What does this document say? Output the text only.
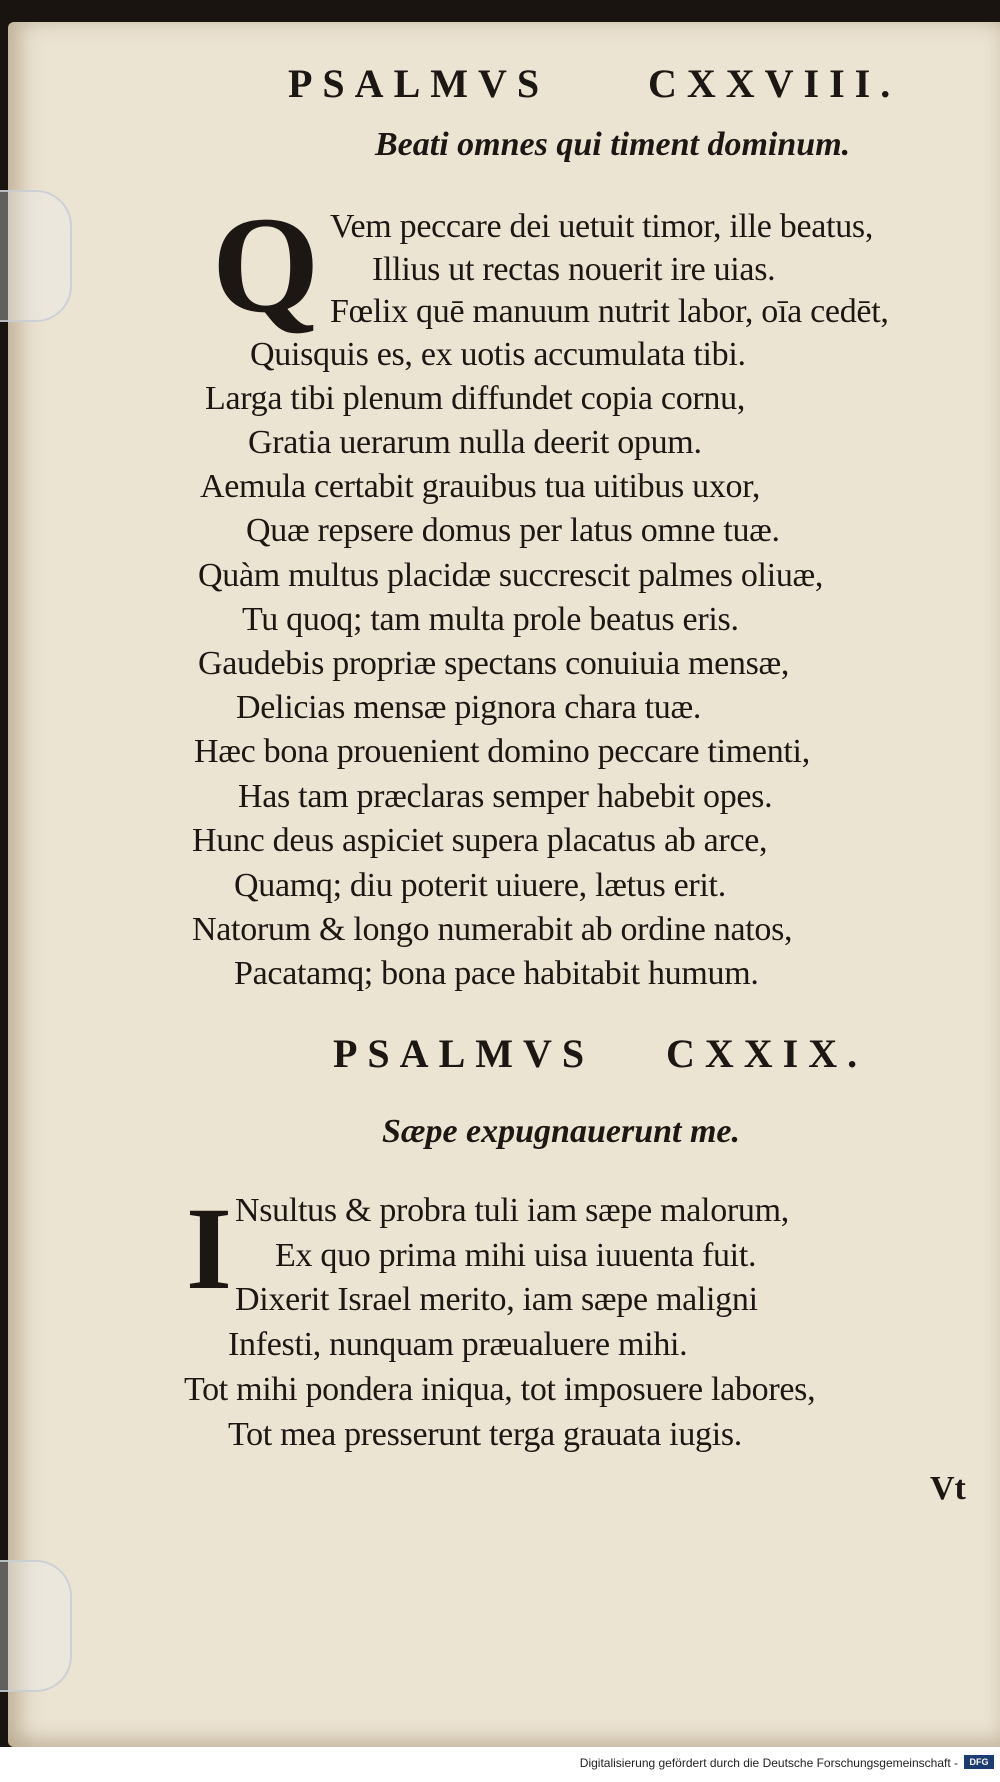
PSALMVS CXXVIII.
Beati omnes qui timent dominum.
Q Vem peccare dei uetuit timor, ille beatus,
Illius ut rectas nouerit ire uias.
Fœlix quē manuum nutrit labor, oīa cedēt,
Quisquis es, ex uotis accumulata tibi.
Larga tibi plenum diffundet copia cornu,
Gratia uerarum nulla deerit opum.
Aemula certabit grauibus tua uitibus uxor,
Quæ repsere domus per latus omne tuæ.
Quàm multus placidæ succrescit palmes oliuæ,
Tu quoq; tam multa prole beatus eris.
Gaudebis propriæ spectans conuiuia mensæ,
Delicias mensæ pignora chara tuæ.
Hæc bona prouenient domino peccare timenti,
Has tam præclaras semper habebit opes.
Hunc deus aspiciet supera placatus ab arce,
Quamq; diu poterit uiuere, lætus erit.
Natorum & longo numerabit ab ordine natos,
Pacatamq; bona pace habitabit humum.
PSALMVS CXXIX.
Sæpe expugnauerunt me.
I Nsultus & probra tuli iam sæpe malorum,
Ex quo prima mihi uisa iuuenta fuit.
Dixerit Israel merito, iam sæpe maligni
Infesti, nunquam præualuere mihi.
Tot mihi pondera iniqua, tot imposuere labores,
Tot mea presserunt terga grauata iugis.
Vt
Digitalisierung gefördert durch die Deutsche Forschungsgemeinschaft -	DFG
